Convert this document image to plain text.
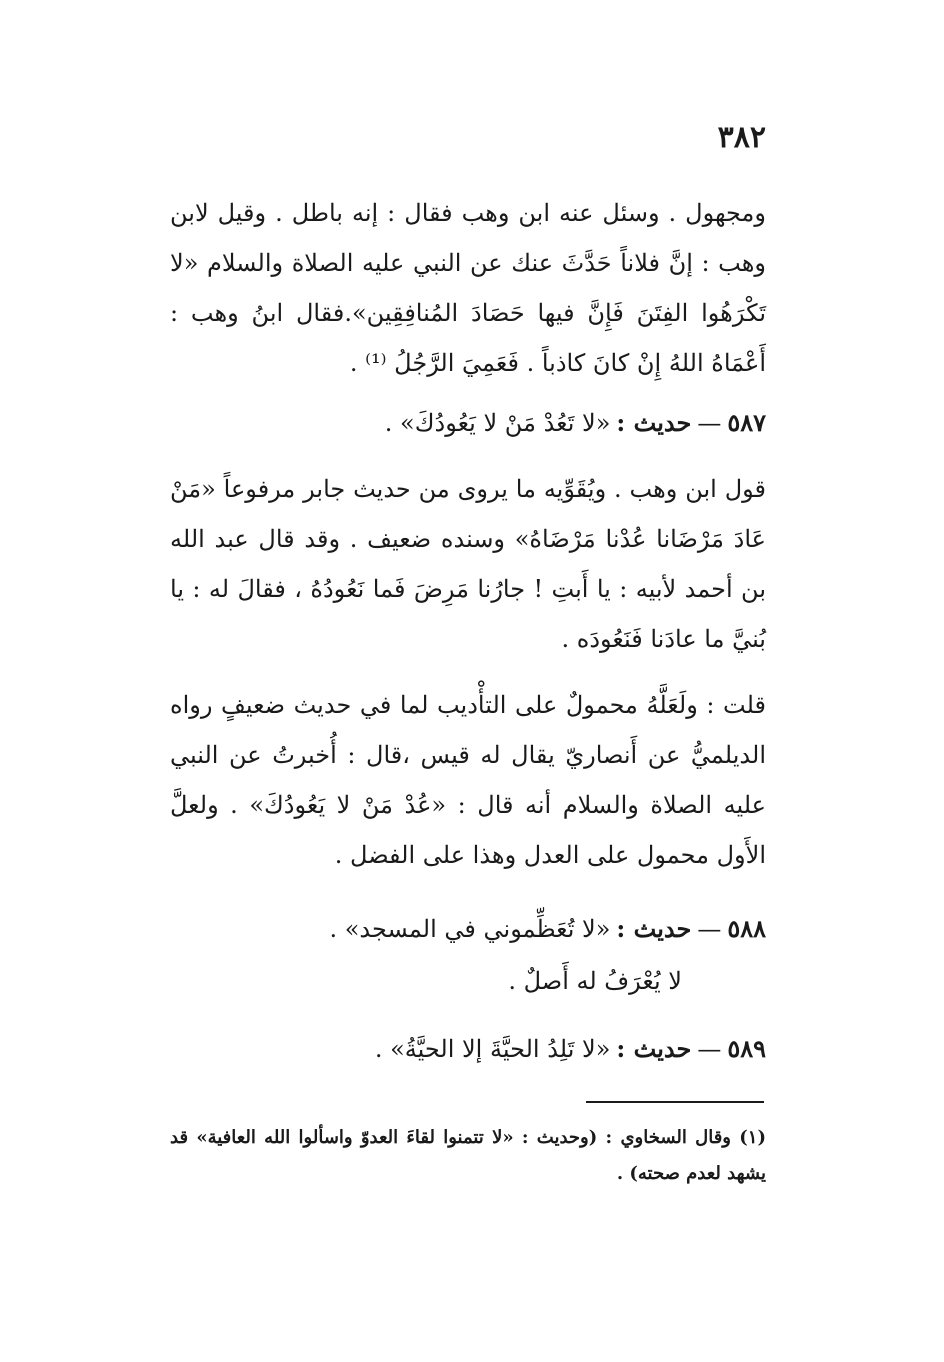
٣٨٢
ومجهول . وسئل عنه ابن وهب فقال : إنه باطل . وقيل لابن وهب : إنَّ فلاناً حَدَّثَ عنك عن النبي عليه الصلاة والسلام «لا تَكْرَهُوا الفِتَنَ فَإِنَّ فيها حَصَادَ المُنافِقِين».فقال ابنُ وهب : أَعْمَاهُ اللهُ إِنْ كانَ كاذباً . فَعَمِيَ الرَّجُلُ ⁽¹⁾ .
٥٨٧—حديث :«لا تَعُدْ مَنْ لا يَعُودُكَ» .
قول ابن وهب . ويُقَوِّيه ما يروى من حديث جابر مرفوعاً «مَنْ عَادَ مَرْضَانا عُدْنا مَرْضَاهُ» وسنده ضعيف . وقد قال عبد الله بن أحمد لأبيه : يا أَبتِ ! جارُنا مَرِضَ فَما نَعُودُهُ ، فقالَ له : يا بُنيَّ ما عادَنا فَنَعُودَه .
قلت : ولَعَلَّهُ محمولٌ على التأْديب لما في حديث ضعيفٍ رواه الديلميُّ عن أَنصاريّ يقال له قيس ،قال : أُخبرتُ عن النبي عليه الصلاة والسلام أنه قال : «عُدْ مَنْ لا يَعُودُكَ» . ولعلَّ الأَول محمول على العدل وهذا على الفضل .
٥٨٨—حديث :«لا تُعَظِّموني في المسجد» .
لا يُعْرَفُ له أَصلٌ .
٥٨٩—حديث :«لا تَلِدُ الحيَّةَ إلا الحيَّةُ» .
(١) وقال السخاوي : (وحديث : «لا تتمنوا لقاءَ العدوّ واسألوا الله العافية» قد يشهد لعدم صحته) .
